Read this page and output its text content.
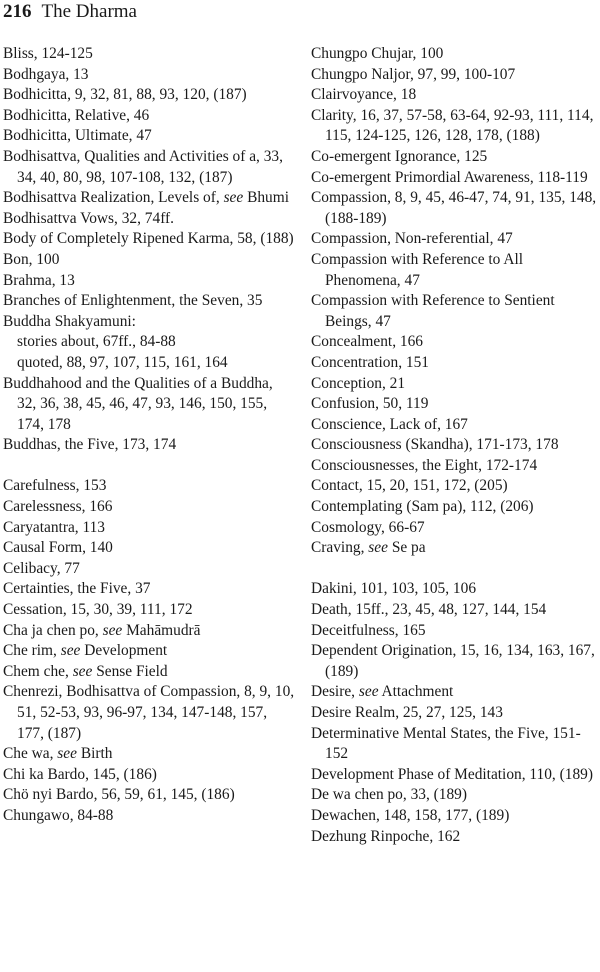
216 The Dharma
Bliss, 124-125
Bodhgaya, 13
Bodhicitta, 9, 32, 81, 88, 93, 120, (187)
Bodhicitta, Relative, 46
Bodhicitta, Ultimate, 47
Bodhisattva, Qualities and Activities of a, 33, 34, 40, 80, 98, 107-108, 132, (187)
Bodhisattva Realization, Levels of, see Bhumi
Bodhisattva Vows, 32, 74ff.
Body of Completely Ripened Karma, 58, (188)
Bon, 100
Brahma, 13
Branches of Enlightenment, the Seven, 35
Buddha Shakyamuni:
stories about, 67ff., 84-88
quoted, 88, 97, 107, 115, 161, 164
Buddhahood and the Qualities of a Buddha, 32, 36, 38, 45, 46, 47, 93, 146, 150, 155, 174, 178
Buddhas, the Five, 173, 174
Carefulness, 153
Carelessness, 166
Caryatantra, 113
Causal Form, 140
Celibacy, 77
Certainties, the Five, 37
Cessation, 15, 30, 39, 111, 172
Cha ja chen po, see Mahāmudrā
Che rim, see Development
Chem che, see Sense Field
Chenrezi, Bodhisattva of Compassion, 8, 9, 10, 51, 52-53, 93, 96-97, 134, 147-148, 157, 177, (187)
Che wa, see Birth
Chi ka Bardo, 145, (186)
Chö nyi Bardo, 56, 59, 61, 145, (186)
Chungawo, 84-88
Chungpo Chujar, 100
Chungpo Naljor, 97, 99, 100-107
Clairvoyance, 18
Clarity, 16, 37, 57-58, 63-64, 92-93, 111, 114, 115, 124-125, 126, 128, 178, (188)
Co-emergent Ignorance, 125
Co-emergent Primordial Awareness, 118-119
Compassion, 8, 9, 45, 46-47, 74, 91, 135, 148, (188-189)
Compassion, Non-referential, 47
Compassion with Reference to All Phenomena, 47
Compassion with Reference to Sentient Beings, 47
Concealment, 166
Concentration, 151
Conception, 21
Confusion, 50, 119
Conscience, Lack of, 167
Consciousness (Skandha), 171-173, 178
Consciousnesses, the Eight, 172-174
Contact, 15, 20, 151, 172, (205)
Contemplating (Sam pa), 112, (206)
Cosmology, 66-67
Craving, see Se pa
Dakini, 101, 103, 105, 106
Death, 15ff., 23, 45, 48, 127, 144, 154
Deceitfulness, 165
Dependent Origination, 15, 16, 134, 163, 167, (189)
Desire, see Attachment
Desire Realm, 25, 27, 125, 143
Determinative Mental States, the Five, 151-152
Development Phase of Meditation, 110, (189)
De wa chen po, 33, (189)
Dewachen, 148, 158, 177, (189)
Dezhung Rinpoche, 162
